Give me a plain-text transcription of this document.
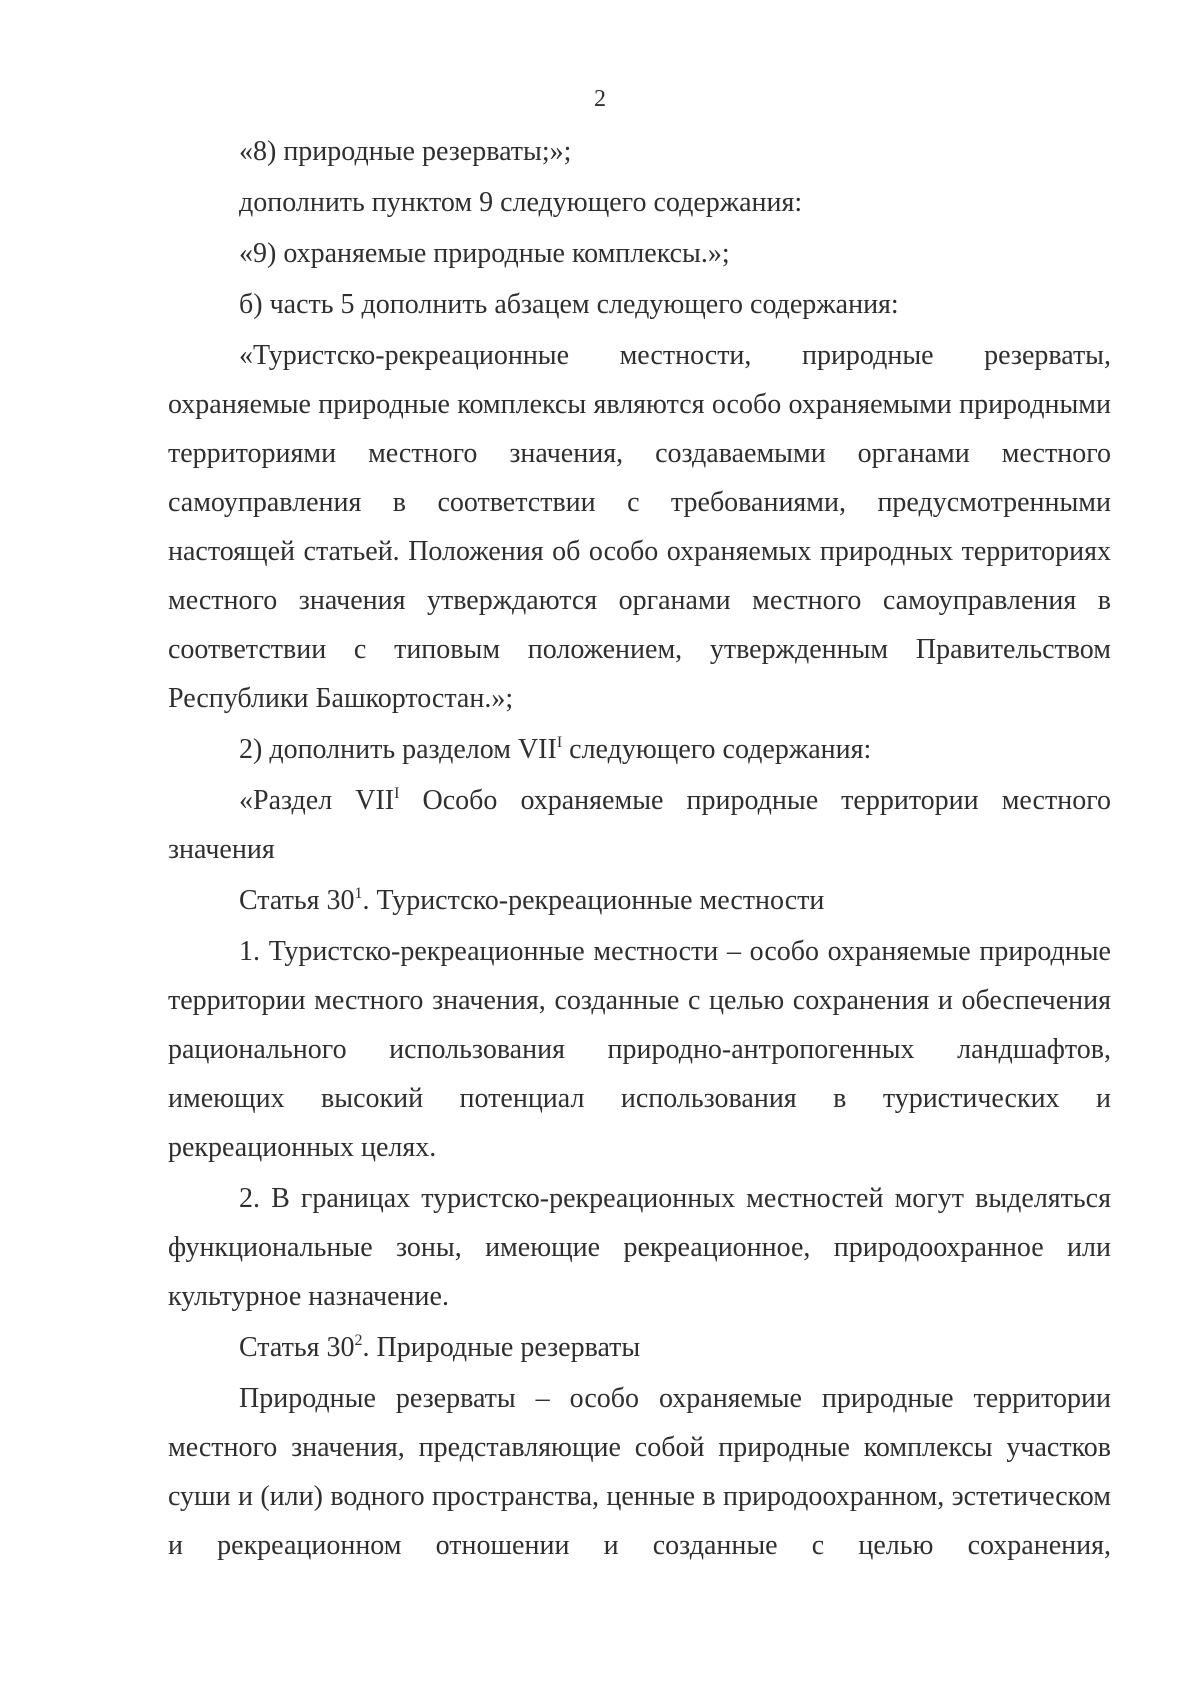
2

«8) природные резерваты;»;

дополнить пунктом 9 следующего содержания:

«9) охраняемые природные комплексы.»;

б) часть 5 дополнить абзацем следующего содержания:

«Туристско-рекреационные местности, природные резерваты, охраняемые природные комплексы являются особо охраняемыми природными территориями местного значения, создаваемыми органами местного самоуправления в соответствии с требованиями, предусмотренными настоящей статьей. Положения об особо охраняемых природных территориях местного значения утверждаются органами местного самоуправления в соответствии с типовым положением, утвержденным Правительством Республики Башкортостан.»;

2) дополнить разделом $VII^I$ следующего содержания:

«Раздел $VII^I$ Особо охраняемые природные территории местного значения

Статья $30^1$. Туристско-рекреационные местности

1. Туристско-рекреационные местности – особо охраняемые природные территории местного значения, созданные с целью сохранения и обеспечения рационального использования природно-антропогенных ландшафтов, имеющих высокий потенциал использования в туристических и рекреационных целях.

2. В границах туристско-рекреационных местностей могут выделяться функциональные зоны, имеющие рекреационное, природоохранное или культурное назначение.

Статья $30^2$. Природные резерваты

Природные резерваты – особо охраняемые природные территории местного значения, представляющие собой природные комплексы участков суши и (или) водного пространства, ценные в природоохранном, эстетическом и рекреационном отношении и созданные с целью сохранения,
